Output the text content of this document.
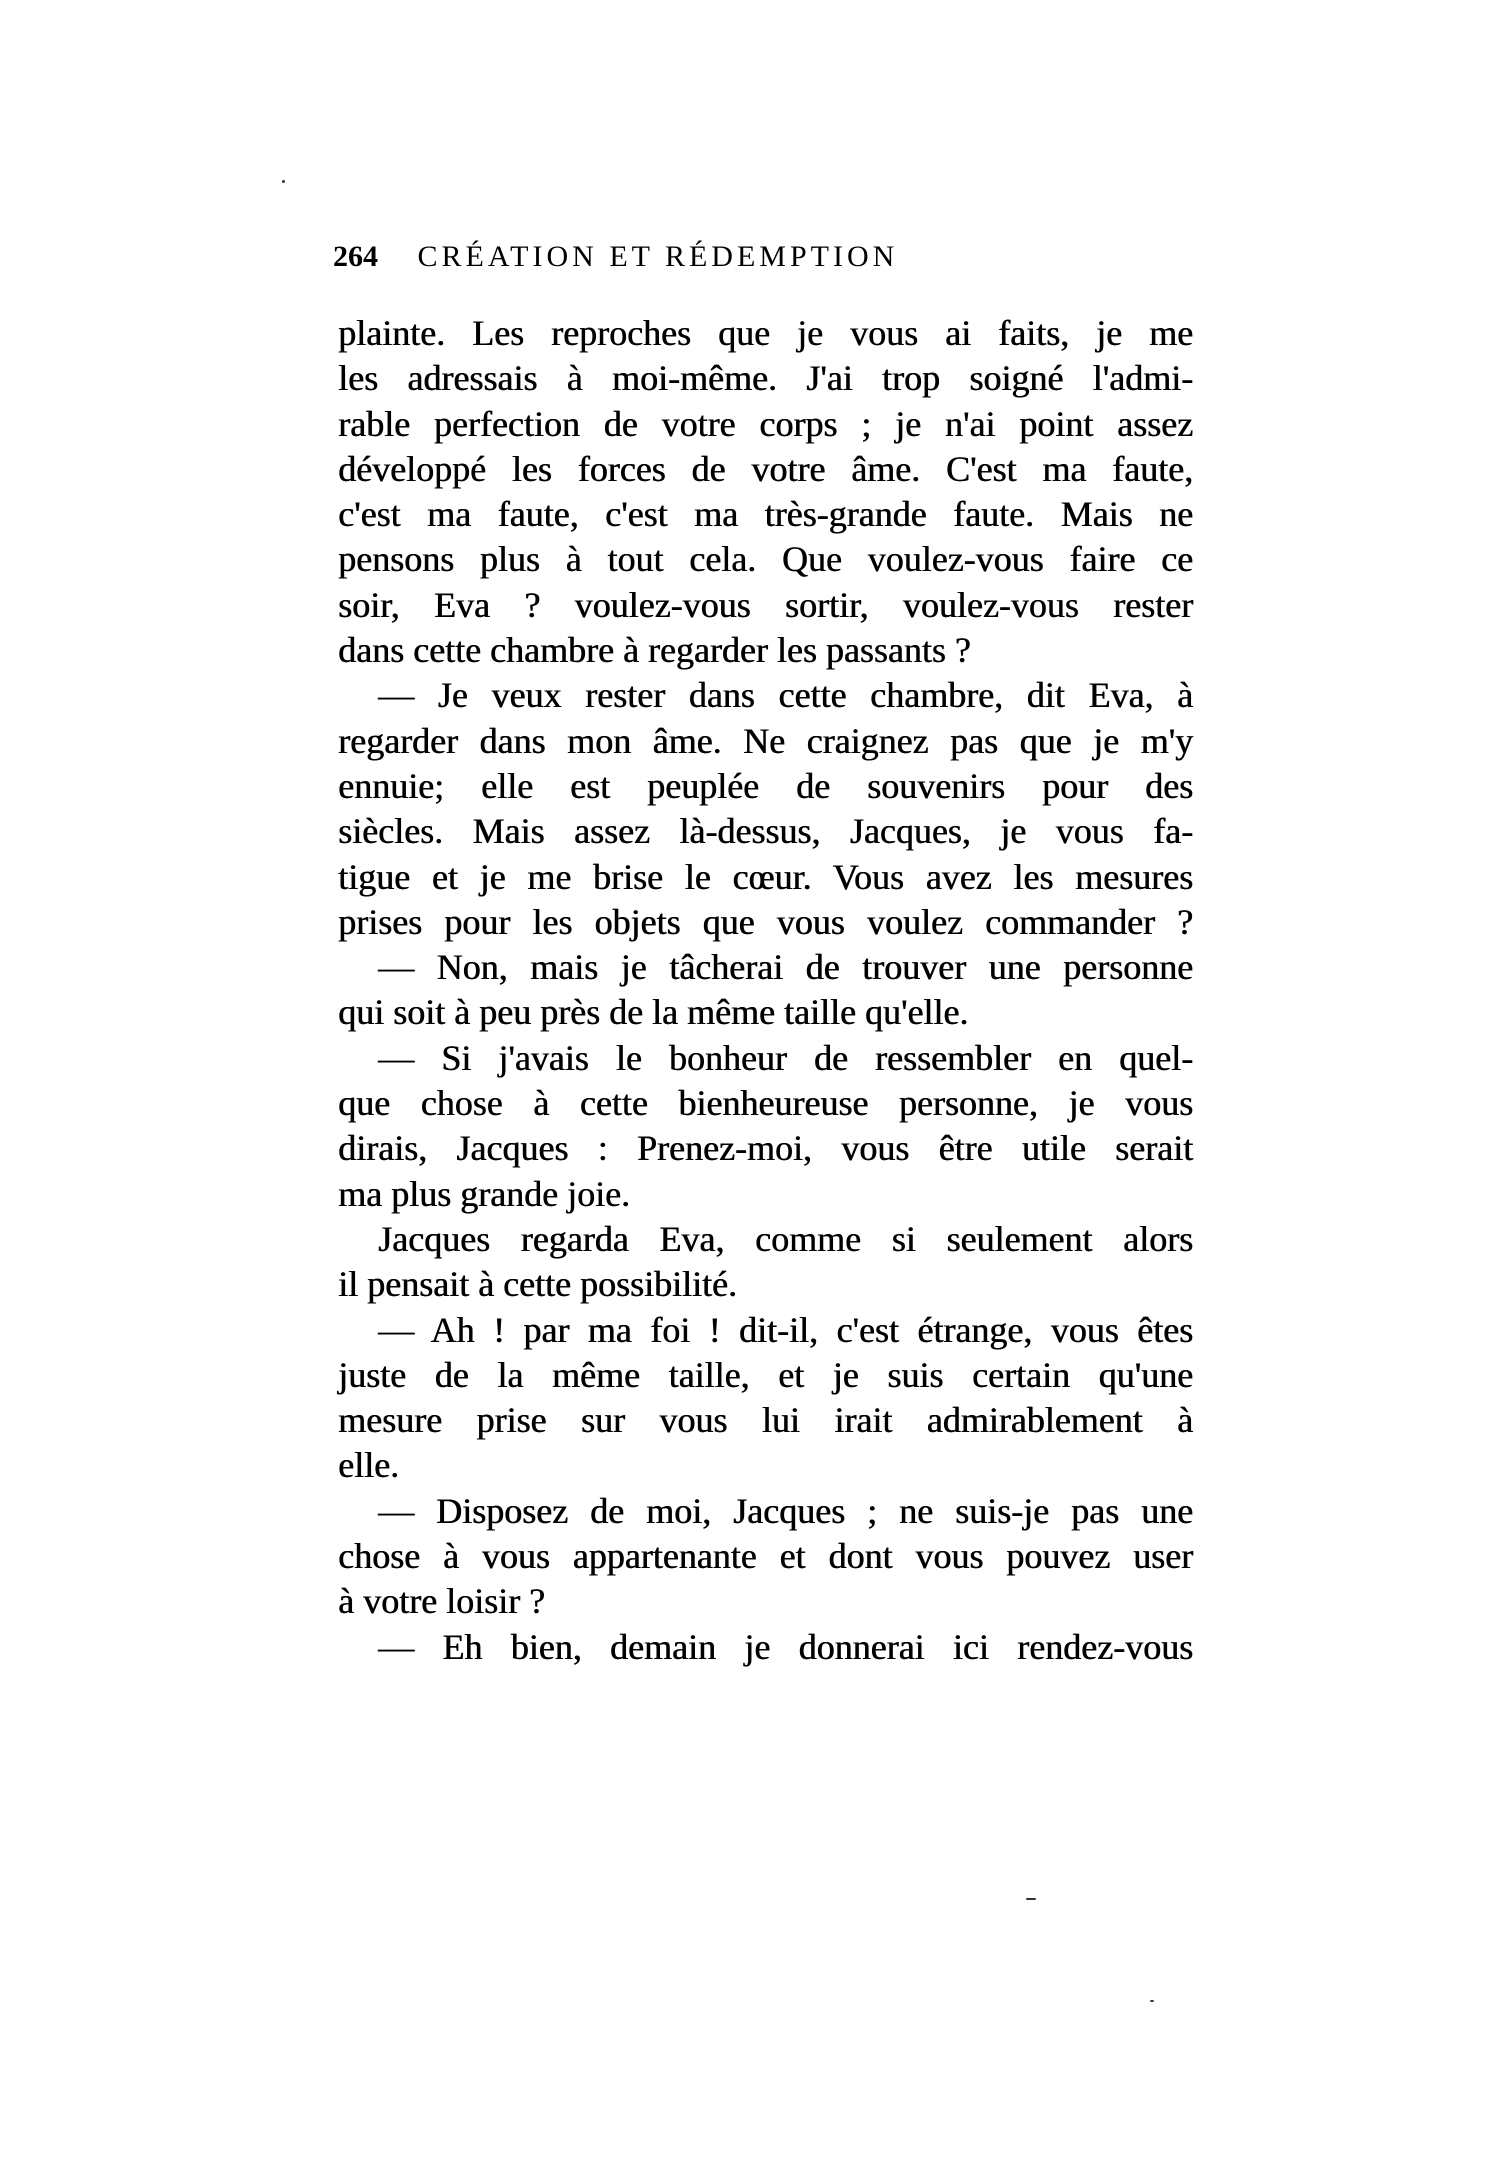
264 CRÉATION ET RÉDEMPTION
plainte. Les reproches que je vous ai faits, je me
les adressais à moi-même. J'ai trop soigné l'admi-
rable perfection de votre corps ; je n'ai point assez
développé les forces de votre âme. C'est ma faute,
c'est ma faute, c'est ma très-grande faute. Mais ne
pensons plus à tout cela. Que voulez-vous faire ce
soir, Eva ? voulez-vous sortir, voulez-vous rester
dans cette chambre à regarder les passants ?
— Je veux rester dans cette chambre, dit Eva, à
regarder dans mon âme. Ne craignez pas que je m'y
ennuie; elle est peuplée de souvenirs pour des
siècles. Mais assez là-dessus, Jacques, je vous fa-
tigue et je me brise le cœur. Vous avez les mesures
prises pour les objets que vous voulez commander ?
— Non, mais je tâcherai de trouver une personne
qui soit à peu près de la même taille qu'elle.
— Si j'avais le bonheur de ressembler en quel-
que chose à cette bienheureuse personne, je vous
dirais, Jacques : Prenez-moi, vous être utile serait
ma plus grande joie.
Jacques regarda Eva, comme si seulement alors
il pensait à cette possibilité.
— Ah ! par ma foi ! dit-il, c'est étrange, vous êtes
juste de la même taille, et je suis certain qu'une
mesure prise sur vous lui irait admirablement à
elle.
— Disposez de moi, Jacques ; ne suis-je pas une
chose à vous appartenante et dont vous pouvez user
à votre loisir ?
— Eh bien, demain je donnerai ici rendez-vous
